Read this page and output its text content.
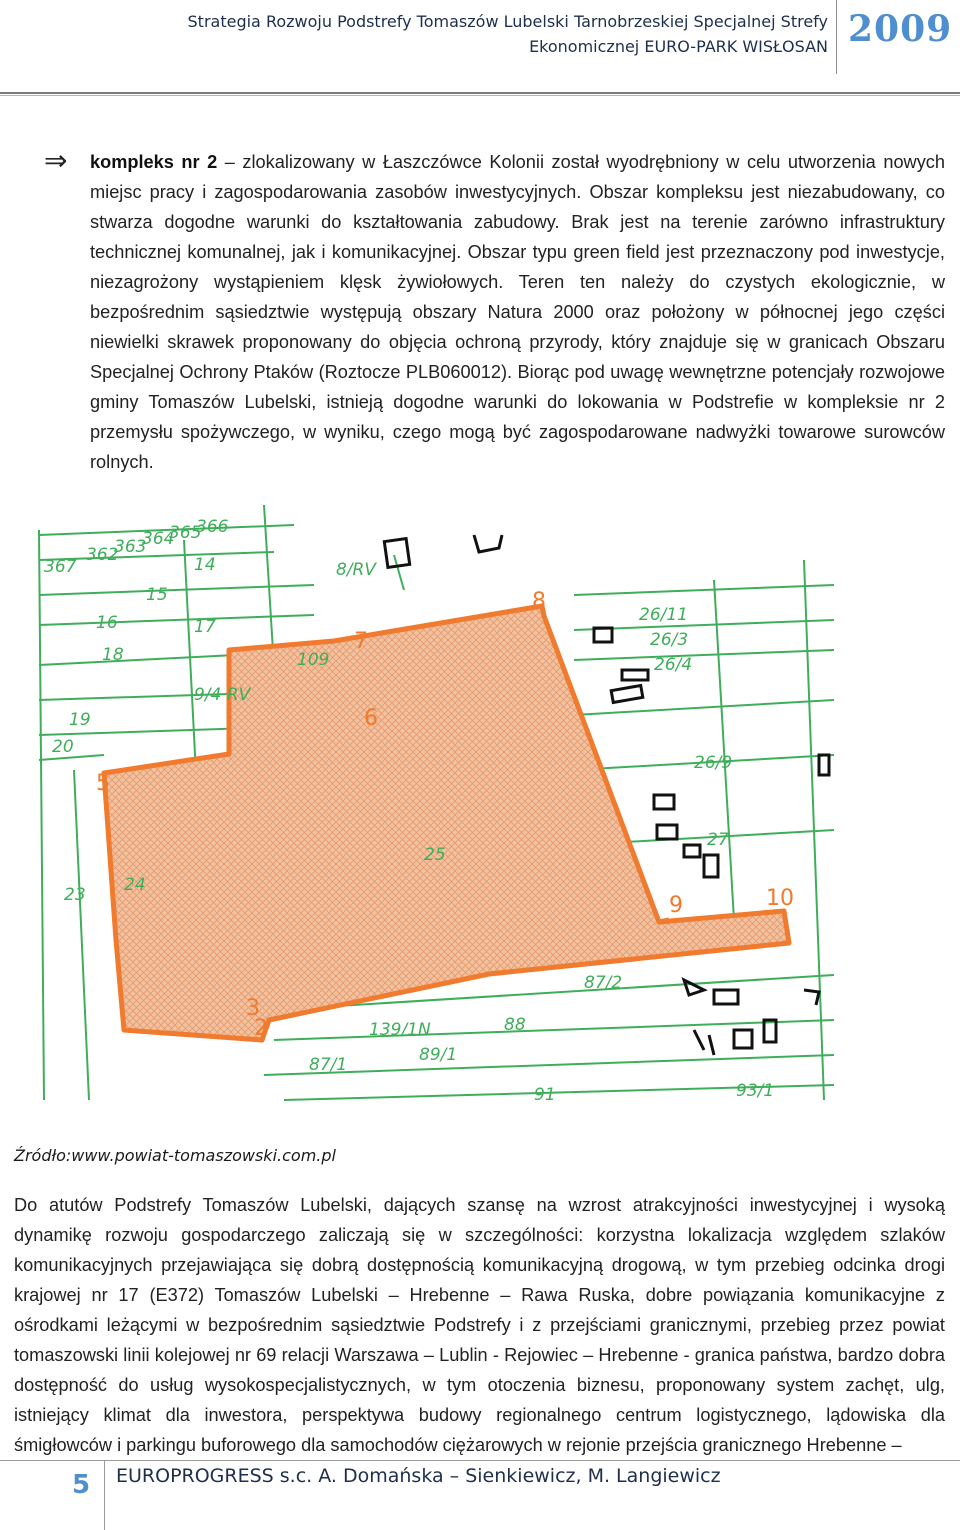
Strategia Rozwoju Podstrefy Tomaszów Lubelski Tarnobrzeskiej Specjalnej Strefy
Ekonomicznej EURO-PARK WISŁOSAN 2009
⇒ kompleks nr 2 – zlokalizowany w Łaszczówce Kolonii został wyodrębniony w celu utworzenia nowych miejsc pracy i zagospodarowania zasobów inwestycyjnych. Obszar kompleksu jest niezabudowany, co stwarza dogodne warunki do kształtowania zabudowy. Brak jest na terenie zarówno infrastruktury technicznej komunalnej, jak i komunikacyjnej. Obszar typu green field jest przeznaczony pod inwestycje, niezagrożony wystąpieniem klęsk żywiołowych. Teren ten należy do czystych ekologicznie, w bezpośrednim sąsiedztwie występują obszary Natura 2000 oraz położony w północnej jego części niewielki skrawek proponowany do objęcia ochroną przyrody, który znajduje się w granicach Obszaru Specjalnej Ochrony Ptaków (Roztocze PLB060012). Biorąc pod uwagę wewnętrzne potencjały rozwojowe gminy Tomaszów Lubelski, istnieją dogodne warunki do lokowania w Podstrefie w kompleksie nr 2 przemysłu spożywczego, w wyniku, czego mogą być zagospodarowane nadwyżki towarowe surowców rolnych.
2
3
5
6
7
8
9	10
362
363
364
365
366
367	14
15
16	17
18
19
20
23 24
25
26/11
26/3
26/4
26/9
27
87/1
87/2
88
89/1
91	93/1
109
9/4 RV
8/RV
139/1N
Źródło:www.powiat-tomaszowski.com.pl
Do atutów Podstrefy Tomaszów Lubelski, dających szansę na wzrost atrakcyjności inwestycyjnej i wysoką dynamikę rozwoju gospodarczego zaliczają się w szczególności: korzystna lokalizacja względem szlaków komunikacyjnych przejawiająca się dobrą dostępnością komunikacyjną drogową, w tym przebieg odcinka drogi krajowej nr 17 (E372) Tomaszów Lubelski – Hrebenne – Rawa Ruska, dobre powiązania komunikacyjne z ośrodkami leżącymi w bezpośrednim sąsiedztwie Podstrefy i z przejściami granicznymi, przebieg przez powiat tomaszowski linii kolejowej nr 69 relacji Warszawa – Lublin - Rejowiec – Hrebenne - granica państwa, bardzo dobra dostępność do usług wysokospecjalistycznych, w tym otoczenia biznesu, proponowany system zachęt, ulg, istniejący klimat dla inwestora, perspektywa budowy regionalnego centrum logistycznego, lądowiska dla śmigłowców i parkingu buforowego dla samochodów ciężarowych w rejonie przejścia granicznego Hrebenne –
5 EUROPROGRESS s.c. A. Domańska – Sienkiewicz, M. Langiewicz
